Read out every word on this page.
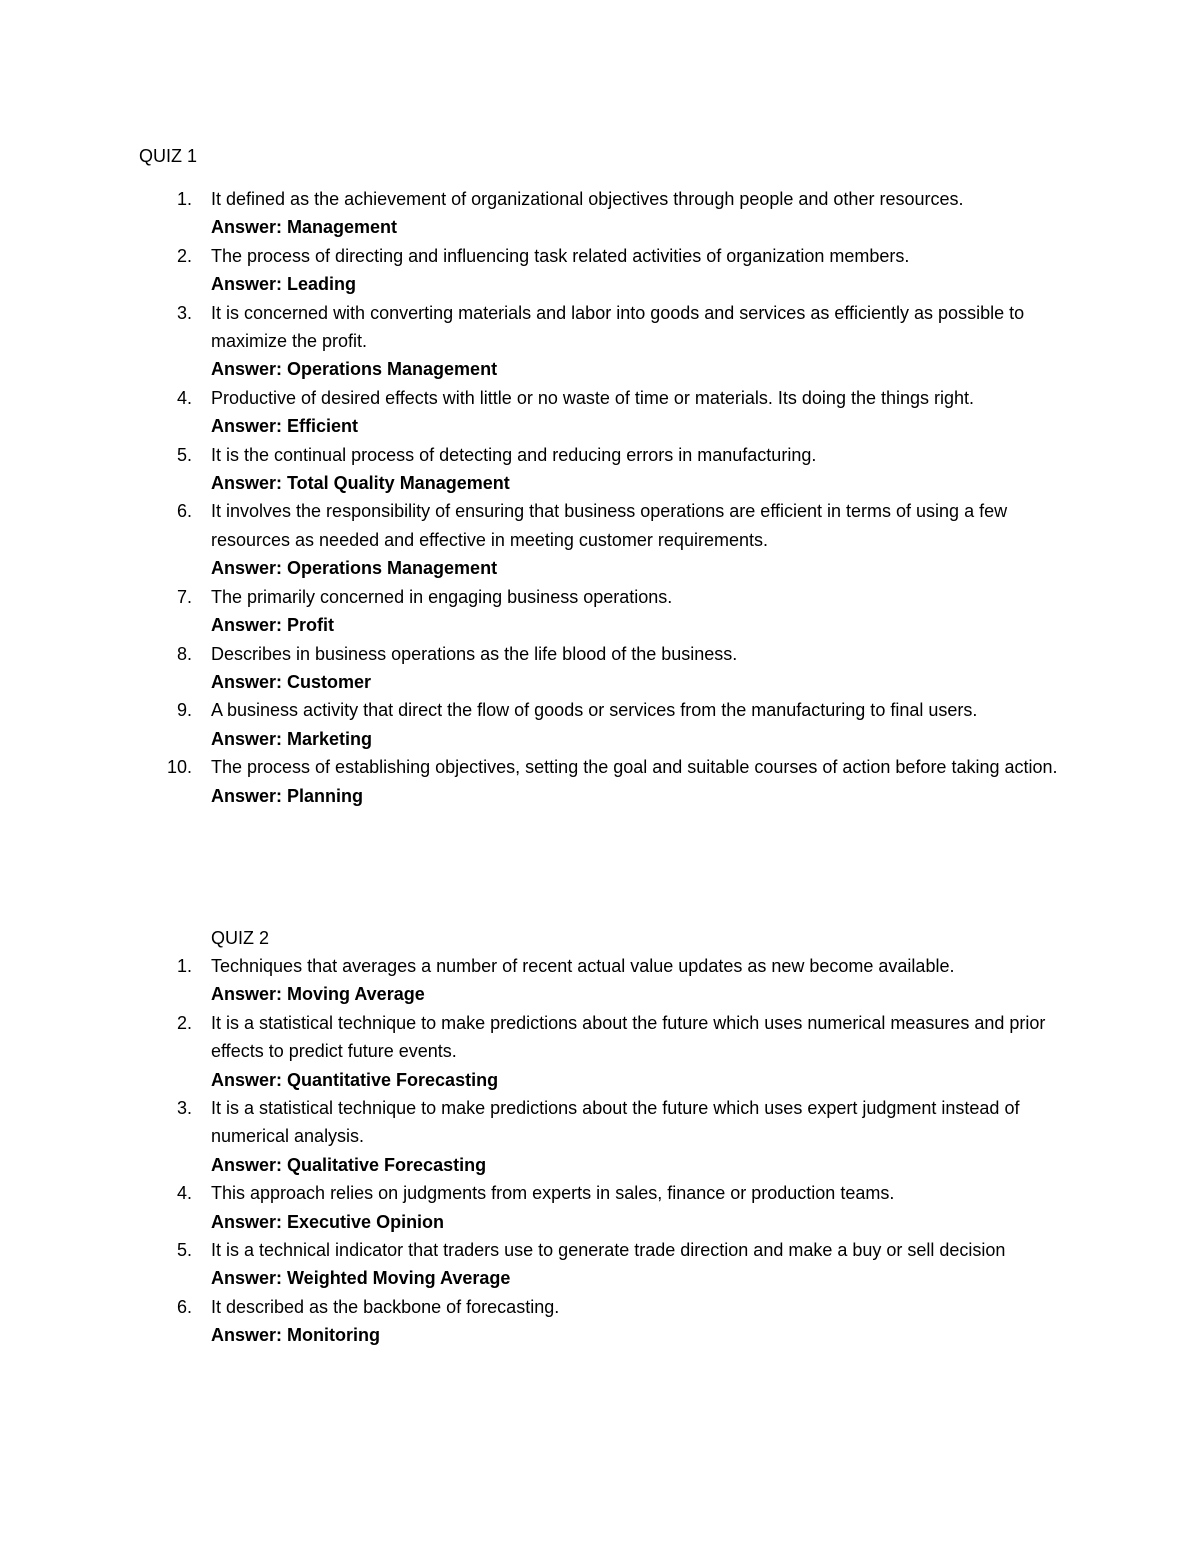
QUIZ 1
1. It defined as the achievement of organizational objectives through people and other resources.
Answer: Management
2. The process of directing and influencing task related activities of organization members.
Answer: Leading
3. It is concerned with converting materials and labor into goods and services as efficiently as possible to maximize the profit.
Answer: Operations Management
4. Productive of desired effects with little or no waste of time or materials. Its doing the things right.
Answer: Efficient
5. It is the continual process of detecting and reducing errors in manufacturing.
Answer: Total Quality Management
6. It involves the responsibility of ensuring that business operations are efficient in terms of using a few resources as needed and effective in meeting customer requirements.
Answer: Operations Management
7. The primarily concerned in engaging business operations.
Answer: Profit
8. Describes in business operations as the life blood of the business.
Answer: Customer
9. A business activity that direct the flow of goods or services from the manufacturing to final users.
Answer: Marketing
10. The process of establishing objectives, setting the goal and suitable courses of action before taking action.
Answer: Planning
QUIZ 2
1. Techniques that averages a number of recent actual value updates as new become available.
Answer: Moving Average
2. It is a statistical technique to make predictions about the future which uses numerical measures and prior effects to predict future events.
Answer: Quantitative Forecasting
3. It is a statistical technique to make predictions about the future which uses expert judgment instead of numerical analysis.
Answer: Qualitative Forecasting
4. This approach relies on judgments from experts in sales, finance or production teams.
Answer: Executive Opinion
5. It is a technical indicator that traders use to generate trade direction and make a buy or sell decision
Answer: Weighted Moving Average
6. It described as the backbone of forecasting.
Answer: Monitoring
